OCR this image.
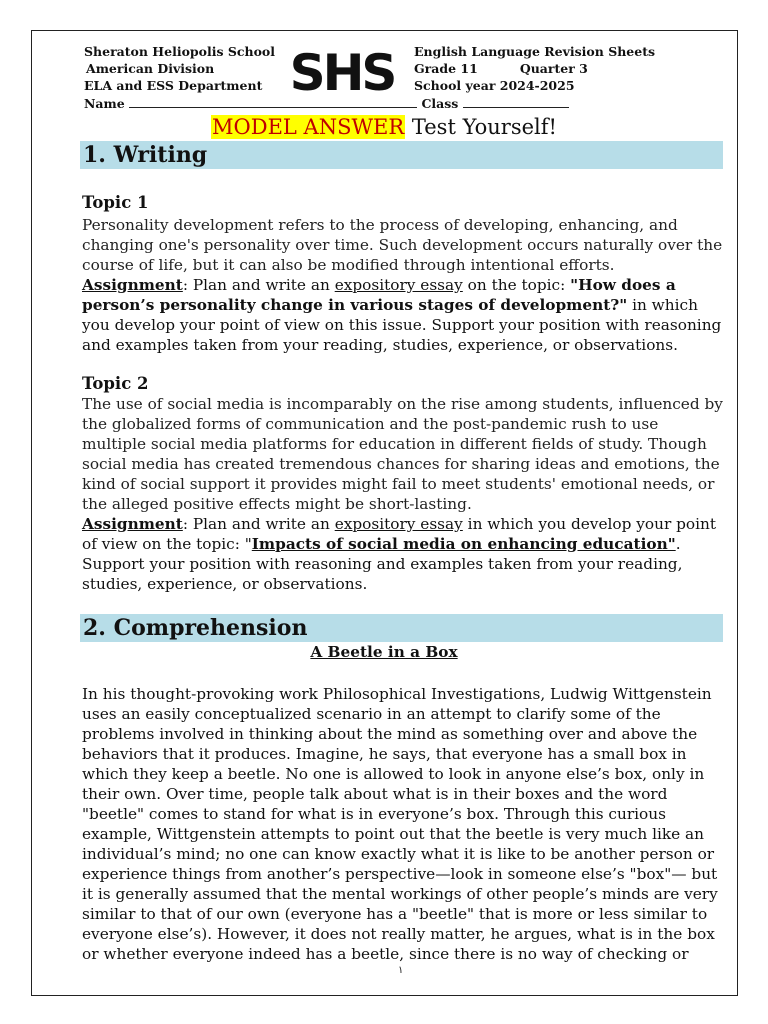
Sheraton Heliopolis School
American Division
ELA and ESS Department SHS English Language Revision Sheets
Grade 11	Quarter 3
School year 2024-2025
Name	Class
MODEL ANSWER Test Yourself!
1. Writing
Topic 1
Personality development refers to the process of developing, enhancing, and changing one's personality over time. Such development occurs naturally over the course of life, but it can also be modified through intentional efforts.
Assignment: Plan and write an expository essay on the topic: "How does a person’s personality change in various stages of development?" in which you develop your point of view on this issue. Support your position with reasoning and examples taken from your reading, studies, experience, or observations.
Topic 2
The use of social media is incomparably on the rise among students, influenced by the globalized forms of communication and the post-pandemic rush to use multiple social media platforms for education in different fields of study. Though social media has created tremendous chances for sharing ideas and emotions, the kind of social support it provides might fail to meet students' emotional needs, or the alleged positive effects might be short-lasting.
Assignment: Plan and write an expository essay in which you develop your point of view on the topic: "Impacts of social media on enhancing education". Support your position with reasoning and examples taken from your reading, studies, experience, or observations.
2. Comprehension
A Beetle in a Box
In his thought-provoking work Philosophical Investigations, Ludwig Wittgenstein uses an easily conceptualized scenario in an attempt to clarify some of the problems involved in thinking about the mind as something over and above the behaviors that it produces. Imagine, he says, that everyone has a small box in which they keep a beetle. No one is allowed to look in anyone else’s box, only in their own. Over time, people talk about what is in their boxes and the word "beetle" comes to stand for what is in everyone’s box. Through this curious example, Wittgenstein attempts to point out that the beetle is very much like an individual’s mind; no one can know exactly what it is like to be another person or experience things from another’s perspective—look in someone else’s "box"— but it is generally assumed that the mental workings of other people’s minds are very similar to that of our own (everyone has a "beetle" that is more or less similar to everyone else’s). However, it does not really matter, he argues, what is in the box or whether everyone indeed has a beetle, since there is no way of checking or
١
